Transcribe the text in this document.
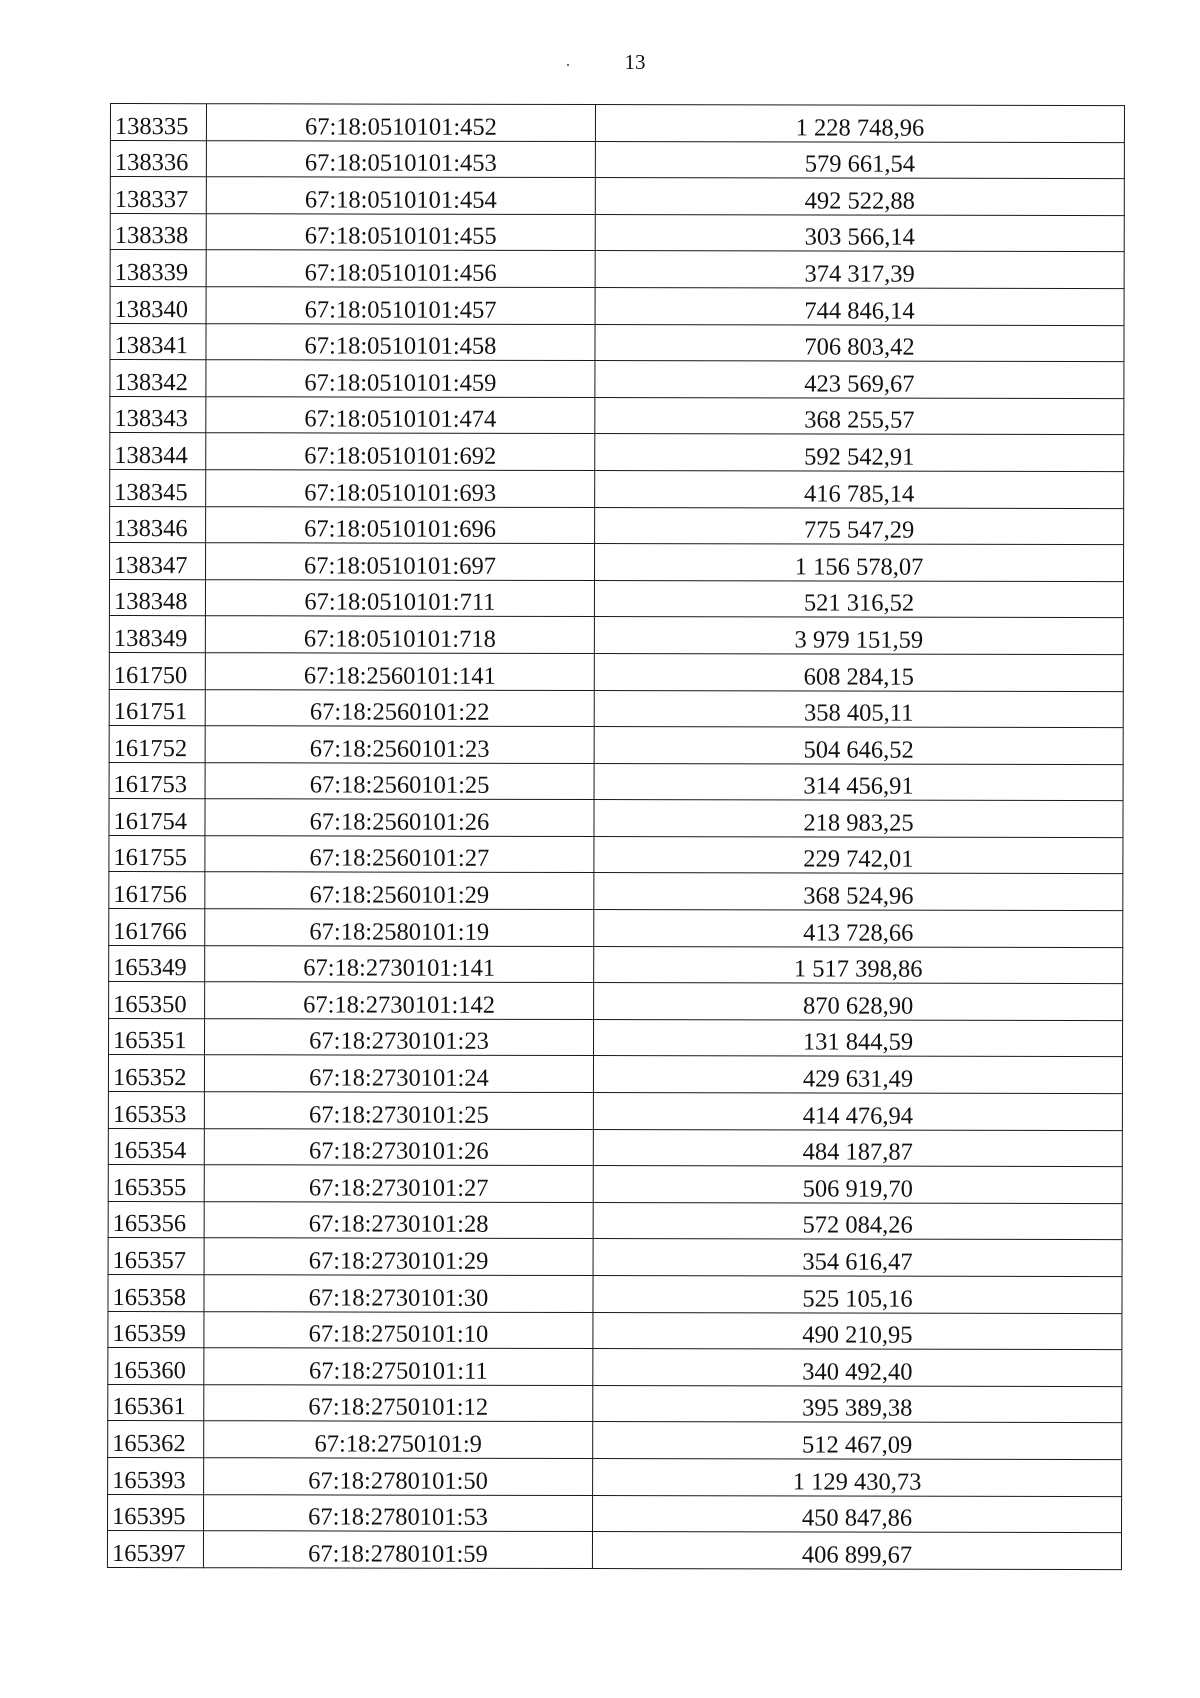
13
138335	67:18:0510101:452	1 228 748,96
138336	67:18:0510101:453	579 661,54
138337	67:18:0510101:454	492 522,88
138338	67:18:0510101:455	303 566,14
138339	67:18:0510101:456	374 317,39
138340	67:18:0510101:457	744 846,14
138341	67:18:0510101:458	706 803,42
138342	67:18:0510101:459	423 569,67
138343	67:18:0510101:474	368 255,57
138344	67:18:0510101:692	592 542,91
138345	67:18:0510101:693	416 785,14
138346	67:18:0510101:696	775 547,29
138347	67:18:0510101:697	1 156 578,07
138348	67:18:0510101:711	521 316,52
138349	67:18:0510101:718	3 979 151,59
161750	67:18:2560101:141	608 284,15
161751	67:18:2560101:22	358 405,11
161752	67:18:2560101:23	504 646,52
161753	67:18:2560101:25	314 456,91
161754	67:18:2560101:26	218 983,25
161755	67:18:2560101:27	229 742,01
161756	67:18:2560101:29	368 524,96
161766	67:18:2580101:19	413 728,66
165349	67:18:2730101:141	1 517 398,86
165350	67:18:2730101:142	870 628,90
165351	67:18:2730101:23	131 844,59
165352	67:18:2730101:24	429 631,49
165353	67:18:2730101:25	414 476,94
165354	67:18:2730101:26	484 187,87
165355	67:18:2730101:27	506 919,70
165356	67:18:2730101:28	572 084,26
165357	67:18:2730101:29	354 616,47
165358	67:18:2730101:30	525 105,16
165359	67:18:2750101:10	490 210,95
165360	67:18:2750101:11	340 492,40
165361	67:18:2750101:12	395 389,38
165362	67:18:2750101:9	512 467,09
165393	67:18:2780101:50	1 129 430,73
165395	67:18:2780101:53	450 847,86
165397	67:18:2780101:59	406 899,67
